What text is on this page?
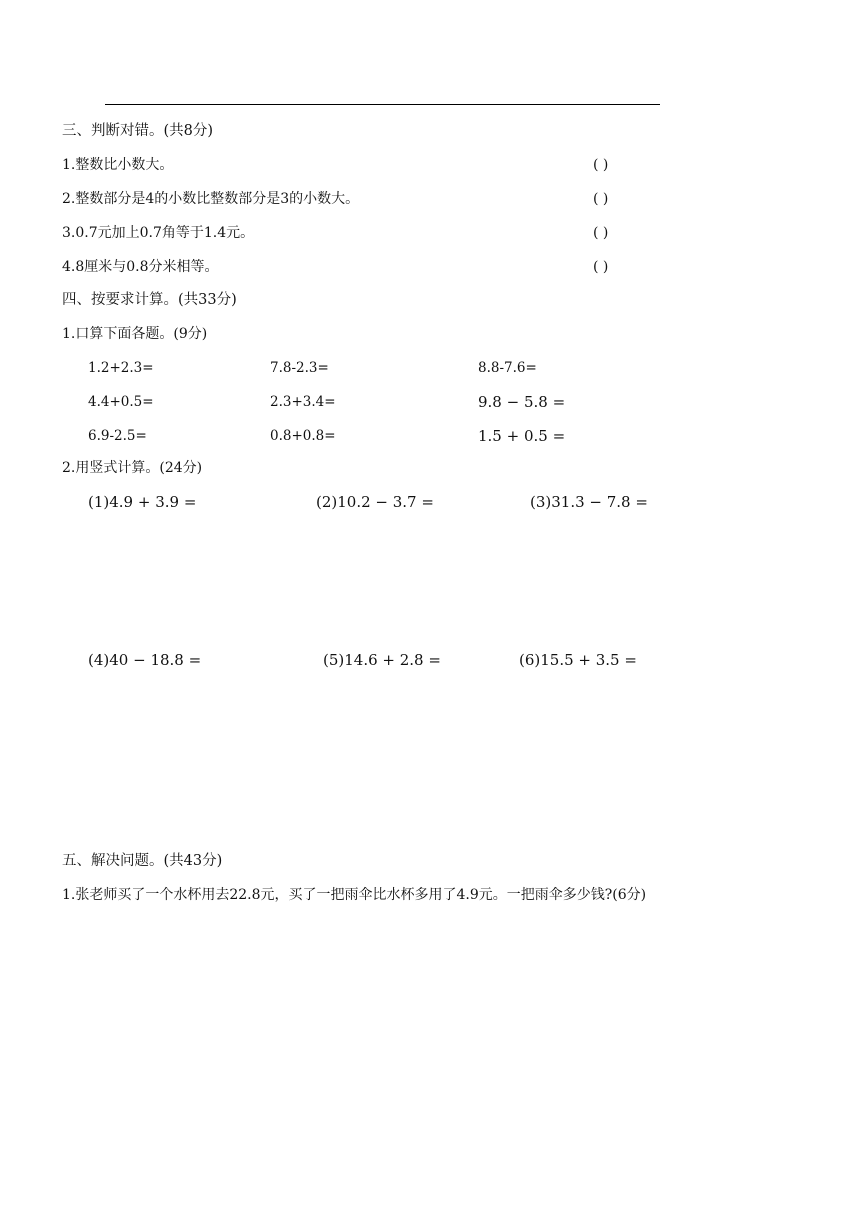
三、判断对错。(共8分)
1.整数比小数大。	( )
2.整数部分是4的小数比整数部分是3的小数大。	( )
3.0.7元加上0.7角等于1.4元。	( )
4.8厘米与0.8分米相等。	( )
四、按要求计算。(共33分)
1.口算下面各题。(9分)
1.2+2.3=	7.8-2.3=	8.8-7.6=
4.4+0.5=	2.3+3.4=	9.8 − 5.8 =
6.9-2.5=	0.8+0.8=	1.5 + 0.5 =
2.用竖式计算。(24分)
(1)4.9 + 3.9 =	(2)10.2 − 3.7 =	(3)31.3 − 7.8 =
(4)40 − 18.8 =	(5)14.6 + 2.8 =	(6)15.5 + 3.5 =
五、解决问题。(共43分)
1.张老师买了一个水杯用去22.8元，买了一把雨伞比水杯多用了4.9元。一把雨伞多少钱?(6分)
